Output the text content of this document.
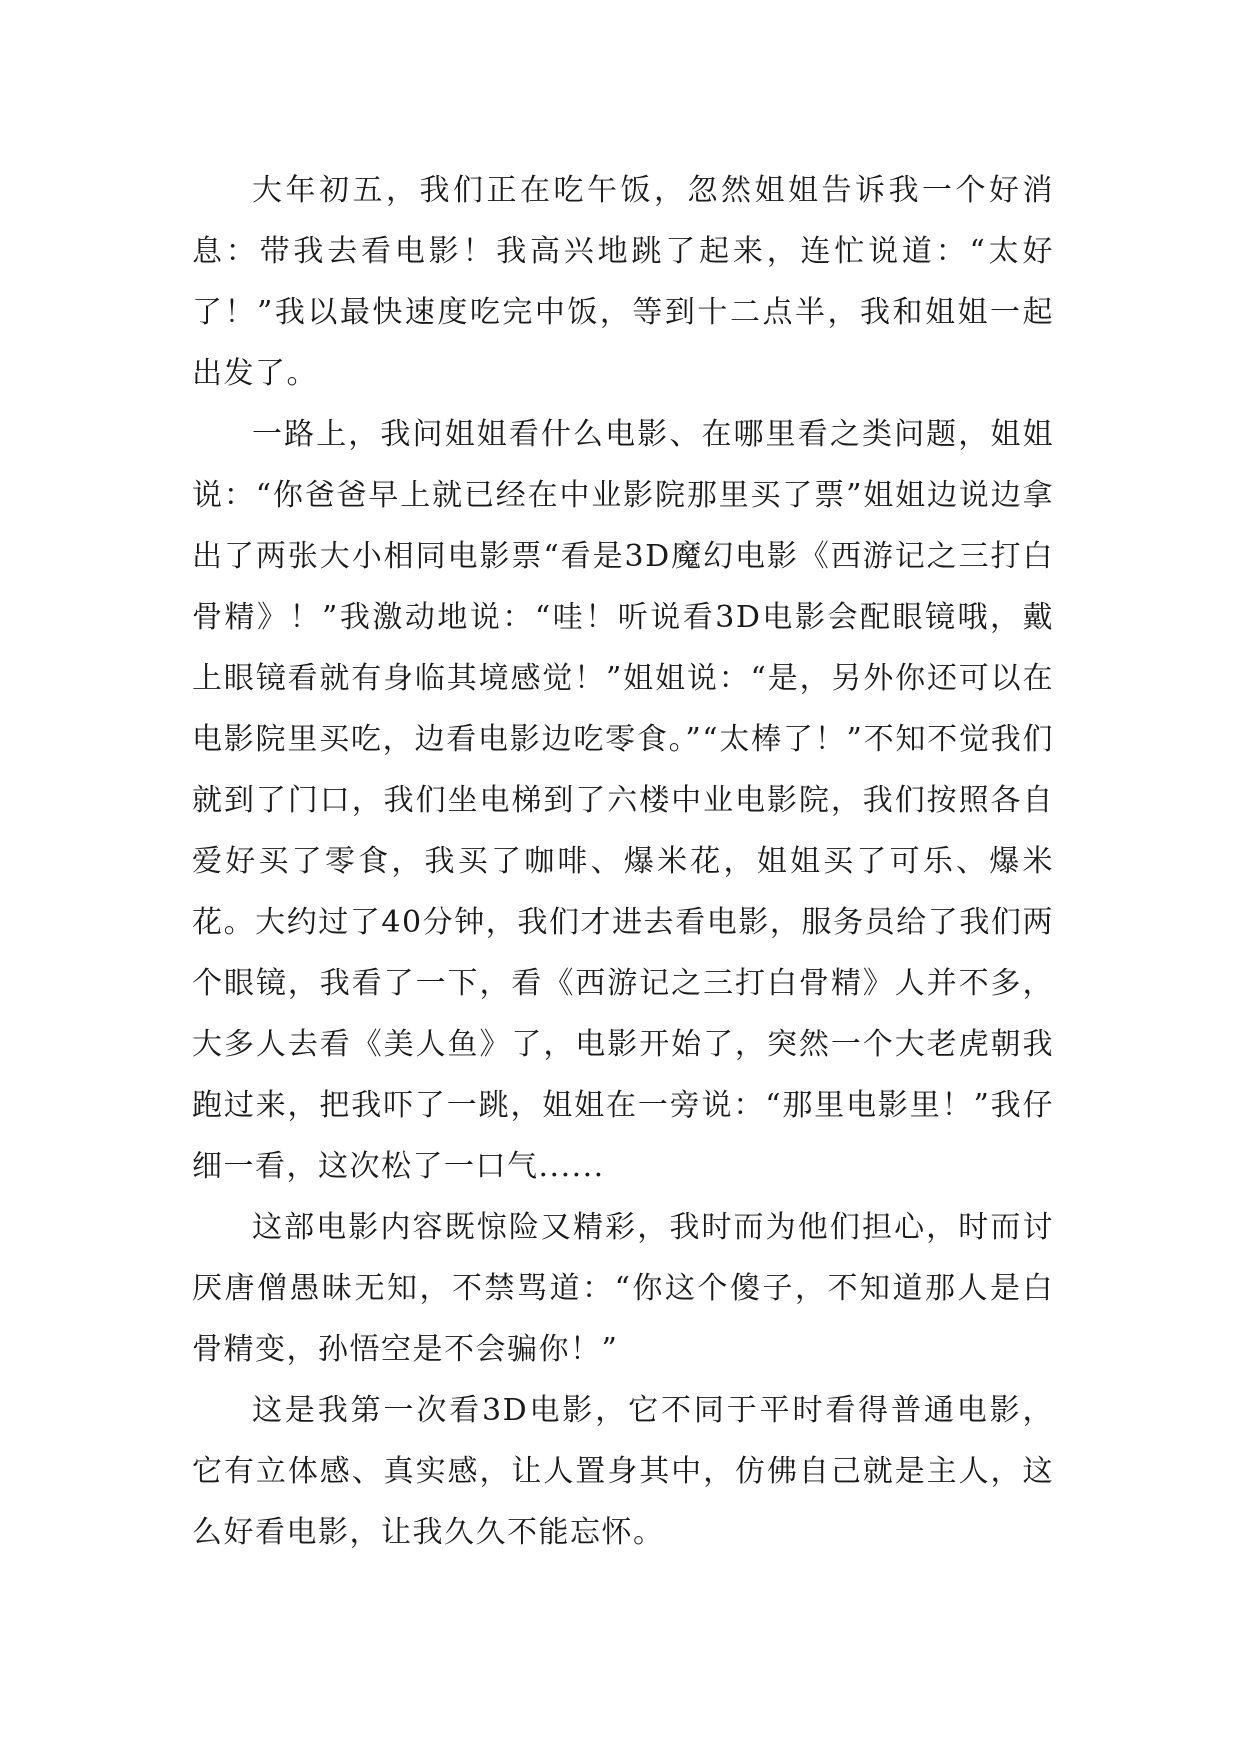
大年初五，我们正在吃午饭，忽然姐姐告诉我一个好消息：带我去看电影！我高兴地跳了起来，连忙说道：“太好了！”我以最快速度吃完中饭，等到十二点半，我和姐姐一起出发了。

一路上，我问姐姐看什么电影、在哪里看之类问题，姐姐说：“你爸爸早上就已经在中业影院那里买了票”姐姐边说边拿出了两张大小相同电影票“看是3D魔幻电影《西游记之三打白骨精》！”我激动地说：“哇！听说看3D电影会配眼镜哦，戴上眼镜看就有身临其境感觉！”姐姐说：“是，另外你还可以在电影院里买吃，边看电影边吃零食。”“太棒了！”不知不觉我们就到了门口，我们坐电梯到了六楼中业电影院，我们按照各自爱好买了零食，我买了咖啡、爆米花，姐姐买了可乐、爆米花。大约过了40分钟，我们才进去看电影，服务员给了我们两个眼镜，我看了一下，看《西游记之三打白骨精》人并不多，大多人去看《美人鱼》了，电影开始了，突然一个大老虎朝我跑过来，把我吓了一跳，姐姐在一旁说：“那里电影里！”我仔细一看，这次松了一口气......

这部电影内容既惊险又精彩，我时而为他们担心，时而讨厌唐僧愚昧无知，不禁骂道：“你这个傻子，不知道那人是白骨精变，孙悟空是不会骗你！”

这是我第一次看3D电影，它不同于平时看得普通电影，它有立体感、真实感，让人置身其中，仿佛自己就是主人，这么好看电影，让我久久不能忘怀。
